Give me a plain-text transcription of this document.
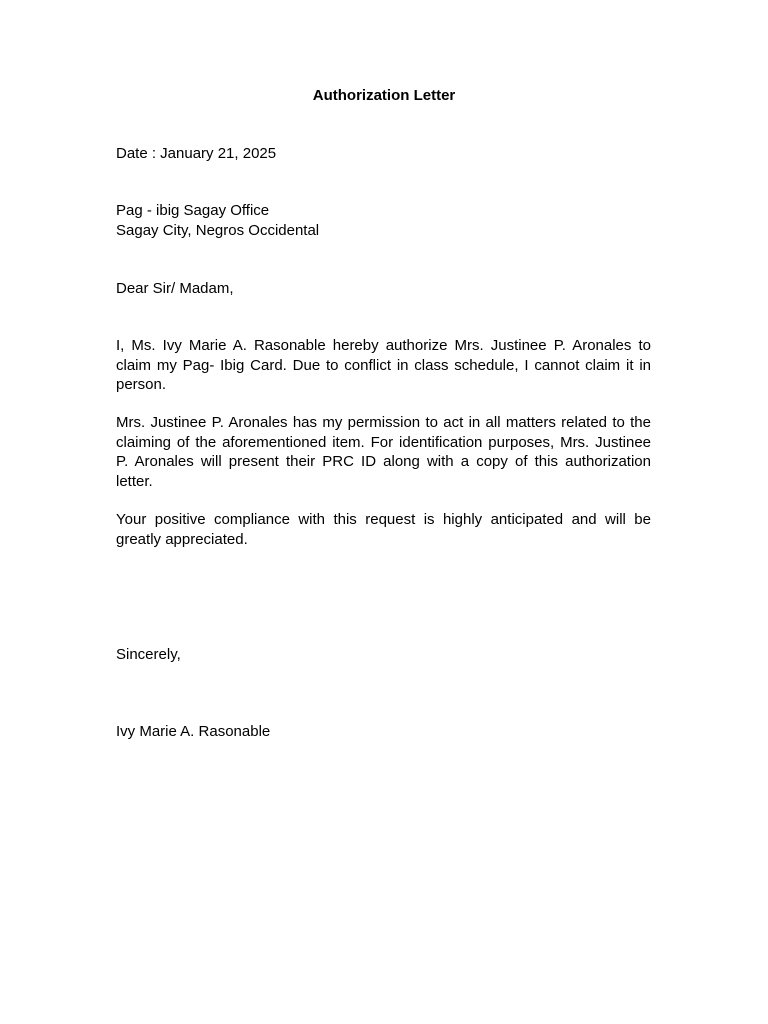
Authorization Letter

Date : January 21, 2025

Pag - ibig Sagay Office
Sagay City, Negros Occidental

Dear Sir/ Madam,

I, Ms. Ivy Marie A. Rasonable hereby authorize Mrs. Justinee P. Aronales to claim my Pag- Ibig Card. Due to conflict in class schedule, I cannot claim it in person.

Mrs. Justinee P. Aronales has my permission to act in all matters related to the claiming of the aforementioned item. For identification purposes, Mrs. Justinee P. Aronales will present their PRC ID along with a copy of this authorization letter.

Your positive compliance with this request is highly anticipated and will be greatly appreciated.

Sincerely,

Ivy Marie A. Rasonable
